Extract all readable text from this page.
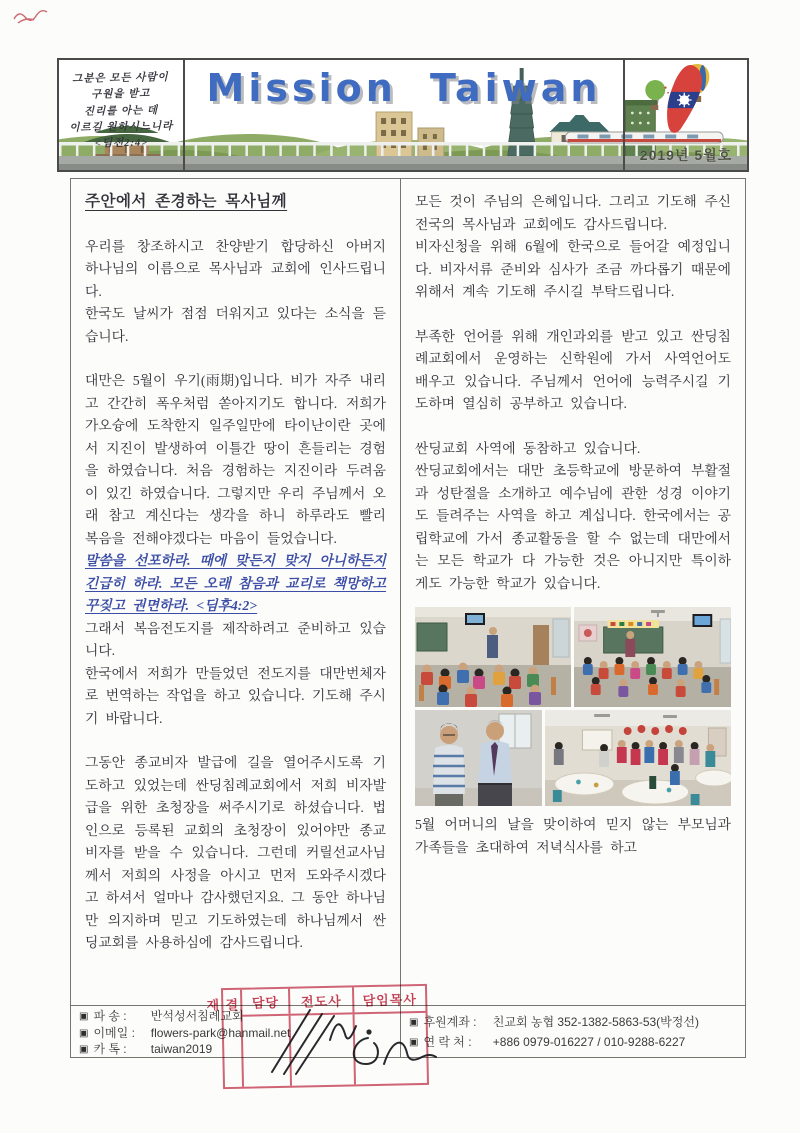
그분은 모든 사람이
구원을 받고
진리를 아는 데
이르길 원하시느니라
<딤전2:4>
Mission Taiwan
2019년 5월호

주안에서 존경하는 목사님께

우리를 창조하시고 찬양받기 합당하신 아버지 하나님의 이름으로 목사님과 교회에 인사드립니다.

한국도 날씨가 점점 더워지고 있다는 소식을 듣습니다.

대만은 5월이 우기(雨期)입니다. 비가 자주 내리고 간간히 폭우처럼 쏟아지기도 합니다. 저희가 가오슝에 도착한지 일주일만에 타이난이란 곳에서 지진이 발생하여 이틀간 땅이 흔들리는 경험을 하였습니다. 처음 경험하는 지진이라 두려움이 있긴 하였습니다. 그렇지만 우리 주님께서 오래 참고 계신다는 생각을 하니 하루라도 빨리 복음을 전해야겠다는 마음이 들었습니다.

말씀을 선포하라. 때에 맞든지 맞지 아니하든지 긴급히 하라. 모든 오래 참음과 교리로 책망하고 꾸짖고 권면하라. <딤후4:2>

그래서 복음전도지를 제작하려고 준비하고 있습니다.

한국에서 저희가 만들었던 전도지를 대만번체자로 번역하는 작업을 하고 있습니다. 기도해 주시기 바랍니다.

그동안 종교비자 발급에 길을 열어주시도록 기도하고 있었는데 싼딩침례교회에서 저희 비자발급을 위한 초청장을 써주시기로 하셨습니다. 법인으로 등록된 교회의 초청장이 있어야만 종교비자를 받을 수 있습니다. 그런데 커릴선교사님께서 저희의 사정을 아시고 먼저 도와주시겠다고 하셔서 얼마나 감사했던지요. 그 동안 하나님만 의지하며 믿고 기도하였는데 하나님께서 싼딩교회를 사용하심에 감사드립니다.

모든 것이 주님의 은혜입니다. 그리고 기도해 주신 전국의 목사님과 교회에도 감사드립니다.

비자신청을 위해 6월에 한국으로 들어갈 예정입니다. 비자서류 준비와 심사가 조금 까다롭기 때문에 위해서 계속 기도해 주시길 부탁드립니다.

부족한 언어를 위해 개인과외를 받고 있고 싼딩침례교회에서 운영하는 신학원에 가서 사역언어도 배우고 있습니다. 주님께서 언어에 능력주시길 기도하며 열심히 공부하고 있습니다.

싼딩교회 사역에 동참하고 있습니다.

싼딩교회에서는 대만 초등학교에 방문하여 부활절과 성탄절을 소개하고 예수님에 관한 성경 이야기도 들려주는 사역을 하고 계십니다. 한국에서는 공립학교에 가서 종교활동을 할 수 없는데 대만에서는 모든 학교가 다 가능한 것은 아니지만 특이하게도 가능한 학교가 있습니다.

5월 어머니의 날을 맞이하여 믿지 않는 부모님과 가족들을 초대하여 저녁식사를 하고

▣ 파 송 : 반석성서침례교회
▣ 이메일 : flowers-park@hanmail.net
▣ 카 톡 : taiwan2019
▣ 후원계좌 : 친교회 농협 352-1382-5863-53(박정선)
▣ 연 락 처 : +886 0979-016227 / 010-9288-6227
결재	담당	전도사	담임목사
